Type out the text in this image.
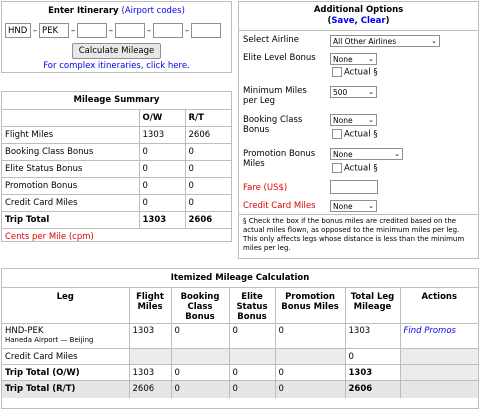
Enter Itinerary (Airport codes)
HND–PEK	–	–	–	–
Calculate Mileage
For complex itineraries, click here.
Mileage Summary
	O/W	R/T
Flight Miles	1303	2606
Booking Class Bonus	0	0
Elite Status Bonus	0	0
Promotion Bonus	0	0
Credit Card Miles	0	0
Trip Total	1303	2606
Cents per Mile (cpm)		
Additional Options
(Save, Clear)
Select Airline	All Other Airlines	⌄
Elite Level Bonus	None ⌄
Actual §
Minimum Miles per Leg
500	⌄
Booking Class Bonus
None ⌄
Actual §
Promotion Bonus Miles
None	⌄
Actual §
Fare (US$)
Credit Card Miles	None ⌄
§ Check the box if the bonus miles are credited based on the actual miles flown, as opposed to the minimum miles per leg. This only affects legs whose distance is less than the minimum miles per leg.
Itemized Mileage Calculation
Leg	Flight Miles	Booking Class Bonus	Elite Status Bonus	Promotion Bonus Miles	Total Leg Mileage	Actions

HND-PEK
Haneda Airport — Beijing	1303	0	0	0	1303	Find Promos
Credit Card Miles					0	
Trip Total (O/W)	1303	0	0	0	1303	
Trip Total (R/T)	2606	0	0	0	2606	
